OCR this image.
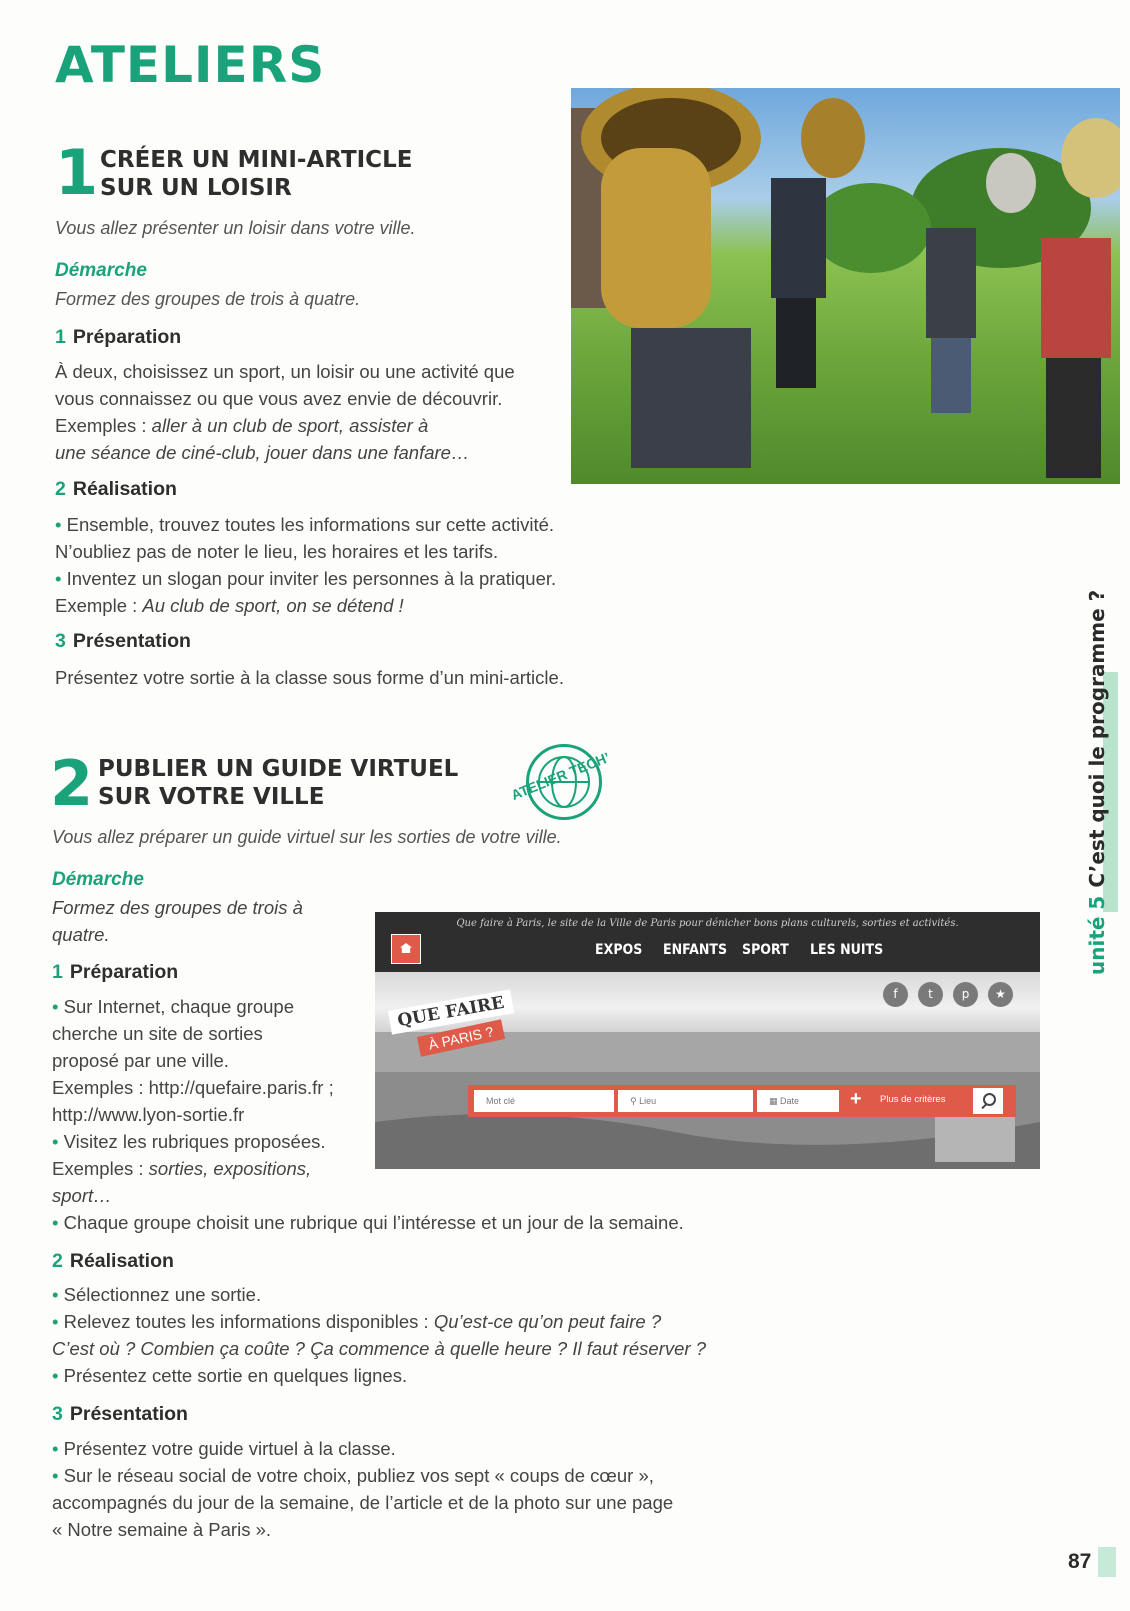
ATELIERS
1 CRÉER UN MINI-ARTICLE
SUR UN LOISIR
Vous allez présenter un loisir dans votre ville.
Démarche
Formez des groupes de trois à quatre.
1 Préparation

À deux, choisissez un sport, un loisir ou une activité que

vous connaissez ou que vous avez envie de découvrir.

Exemples : aller à un club de sport, assister à

une séance de ciné-club, jouer dans une fanfare…

2 Réalisation

• Ensemble, trouvez toutes les informations sur cette activité.

N’oubliez pas de noter le lieu, les horaires et les tarifs.

• Inventez un slogan pour inviter les personnes à la pratiquer.

Exemple : Au club de sport, on se détend !

3 Présentation

Présentez votre sortie à la classe sous forme d’un mini-article.

2 PUBLIER UN GUIDE VIRTUEL
SUR VOTRE VILLE	ATELIER TECH’
Vous allez préparer un guide virtuel sur les sorties de votre ville.
Démarche

Formez des groupes de trois à

quatre.

1 Préparation

• Sur Internet, chaque groupe

cherche un site de sorties

proposé par une ville.

Exemples : http://quefaire.paris.fr ;

http://www.lyon-sortie.fr

• Visitez les rubriques proposées.

Exemples : sorties, expositions,

sport…

• Chaque groupe choisit une rubrique qui l’intéresse et un jour de la semaine.

2 Réalisation

• Sélectionnez une sortie.

• Relevez toutes les informations disponibles : Qu’est-ce qu’on peut faire ?

C’est où ? Combien ça coûte ? Ça commence à quelle heure ? Il faut réserver ?

• Présentez cette sortie en quelques lignes.

3 Présentation

• Présentez votre guide virtuel à la classe.

• Sur le réseau social de votre choix, publiez vos sept « coups de cœur »,

accompagnés du jour de la semaine, de l’article et de la photo sur une page

« Notre semaine à Paris ».

Que faire à Paris, le site de la Ville de Paris pour dénicher bons plans culturels, sorties et activités.
EXPOS ENFANTS SPORT LES NUITS
f	t	p	★
QUE FAIRE
À PARIS ?
Mot clé	⚲ Lieu	▦ Date	+ Plus de critères
unité 5C’est quoi le programme ?
87
